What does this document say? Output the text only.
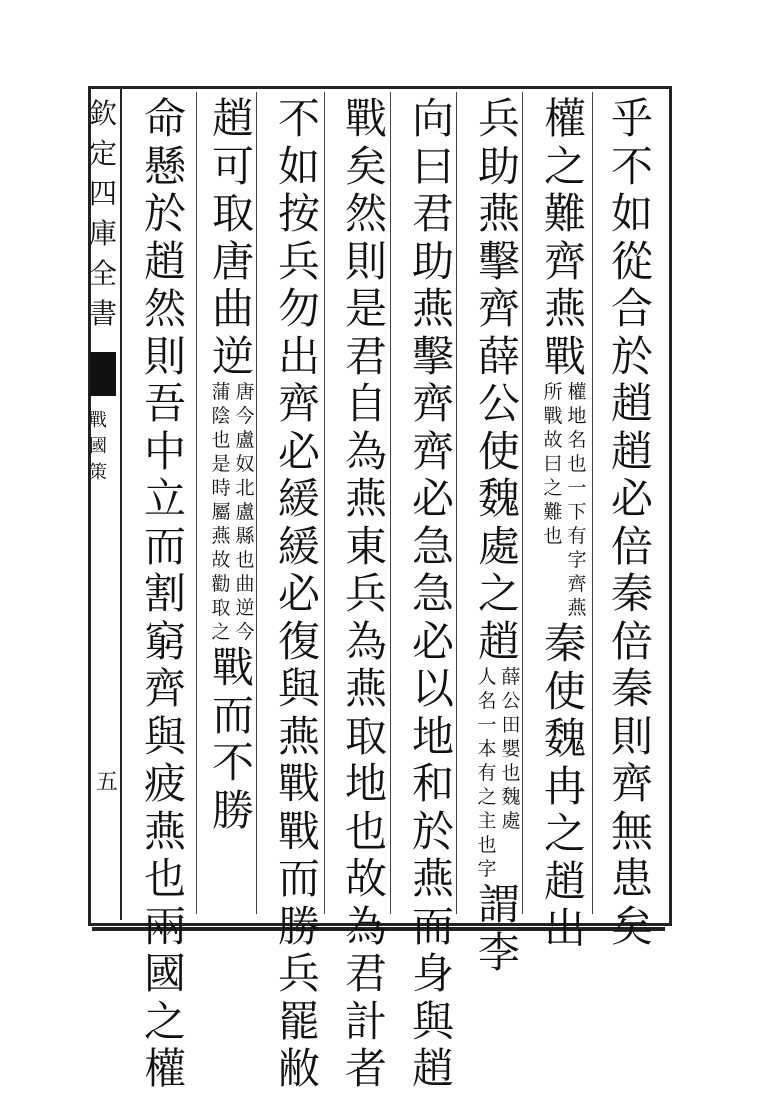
欽定四庫全書
戰國策
五
乎
不
如
從
合
於
趙
趙
必
倍
秦
倍
秦
則
齊
無
患
矣
權
之
難
齊
燕
戰
權
地
名
也
一
下
有
字
齊
燕
所
戰
故
曰
之
難
也
秦
使
魏
冉
之
趙
出
兵
助
燕
擊
齊
薛
公
使
魏
處
之
趙
薛
公
田
嬰
也
魏
處
人
名
一
本
有
之
主
也
字
謂
李
向
曰
君
助
燕
擊
齊
齊
必
急
急
必
以
地
和
於
燕
而
身
與
趙
戰
矣
然
則
是
君
自
為
燕
東
兵
為
燕
取
地
也
故
為
君
計
者
不
如
按
兵
勿
出
齊
必
緩
緩
必
復
與
燕
戰
戰
而
勝
兵
罷
敝
趙
可
取
唐
曲
逆
唐
今
盧
奴
北
盧
縣
也
曲
逆
今
蒲
陰
也
是
時
屬
燕
故
勸
取
之
戰
而
不
勝
命
懸
於
趙
然
則
吾
中
立
而
割
窮
齊
與
疲
燕
也
兩
國
之
權
